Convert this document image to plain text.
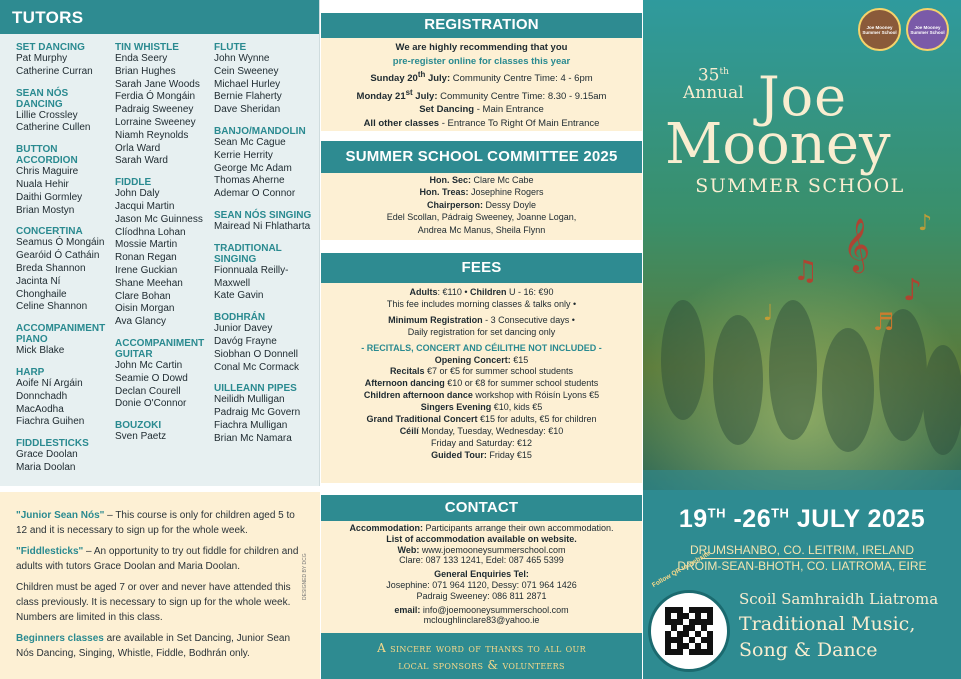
TUTORS
SET DANCING
Pat Murphy
Catherine Curran
SEAN NÓS DANCING
Lillie Crossley
Catherine Cullen
BUTTON ACCORDION
Chris Maguire
Nuala Hehir
Daithi Gormley
Brian Mostyn
CONCERTINA
Seamus Ó Mongáin
Gearóid Ó Catháin
Breda Shannon
Jacinta Ní Chonghaile
Celine Shannon
ACCOMPANIMENT PIANO
Mick Blake
HARP
Aoife Ní Argáin
Donnchadh MacAodha
Fiachra Guihen
FIDDLESTICKS
Grace Doolan
Maria Doolan
TIN WHISTLE
Enda Seery
Brian Hughes
Sarah Jane Woods
Ferdia Ó Mongáin
Padraig Sweeney
Lorraine Sweeney
Niamh Reynolds
Orla Ward
Sarah Ward
FIDDLE
John Daly
Jacqui Martin
Jason Mc Guinness
Clíodhna Lohan
Mossie Martin
Ronan Regan
Irene Guckian
Shane Meehan
Clare Bohan
Oisin Morgan
Ava Glancy
ACCOMPANIMENT GUITAR
John Mc Cartin
Seamie O Dowd
Declan Courell
Donie O'Connor
BOUZOKI
Sven Paetz
FLUTE
John Wynne
Cein Sweeney
Michael Hurley
Bernie Flaherty
Dave Sheridan
BANJO/MANDOLIN
Sean Mc Cague
Kerrie Herrity
George Mc Adam
Thomas Aherne
Ademar O Connor
SEAN NÓS SINGING
Mairead Ni Fhlatharta
TRADITIONAL SINGING
Fionnuala Reilly-Maxwell
Kate Gavin
BODHRÁN
Junior Davey
Davóg Frayne
Siobhan O Donnell
Conal Mc Cormack
UILLEANN PIPES
Neilidh Mulligan
Padraig Mc Govern
Fiachra Mulligan
Brian Mc Namara

"Junior Sean Nós" – This course is only for children aged 5 to 12 and it is necessary to sign up for the whole week.

"Fiddlesticks" – An opportunity to try out fiddle for children and adults with tutors Grace Doolan and Maria Doolan.

Children must be aged 7 or over and never have attended this class previously. It is necessary to sign up for the whole week. Numbers are limited in this class.

Beginners classes are available in Set Dancing, Junior Sean Nós Dancing, Singing, Whistle, Fiddle, Bodhrán only.

DESIGNED BY DCG
REGISTRATION
We are highly recommending that you
pre-register online for classes this year
Sunday 20th July: Community Centre Time: 4 - 6pm
Monday 21st July: Community Centre Time: 8.30 - 9.15am
Set Dancing - Main Entrance
All other classes - Entrance To Right Of Main Entrance
SUMMER SCHOOL COMMITTEE 2025
Hon. Sec: Clare Mc Cabe
Hon. Treas: Josephine Rogers
Chairperson: Dessy Doyle
Edel Scollan, Pádraig Sweeney, Joanne Logan,
Andrea Mc Manus, Sheila Flynn
FEES
Adults: €110 • Children U - 16: €90
This fee includes morning classes & talks only •
Minimum Registration - 3 Consecutive days •
Daily registration for set dancing only
- RECITALS, CONCERT AND CÉILITHE NOT INCLUDED -
Opening Concert: €15
Recitals €7 or €5 for summer school students
Afternoon dancing €10 or €8 for summer school students
Children afternoon dance workshop with Róisín Lyons €5
Singers Evening €10, kids €5
Grand Traditional Concert €15 for adults, €5 for children
Céilí Monday, Tuesday, Wednesday: €10
Friday and Saturday: €12
Guided Tour: Friday €15
CONTACT
Accommodation: Participants arrange their own accommodation.
List of accommodation available on website.
Web: www.joemooneysummerschool.com
Clare: 087 133 1241, Edel: 087 465 5399
General Enquiries Tel:
Josephine: 071 964 1120, Dessy: 071 964 1426
Padraig Sweeney: 086 811 2871
email: info@joemooneysummerschool.com
mcloughlinclare83@yahoo.ie
A sincere word of thanks to all our
local sponsors & volunteers
𝄞
♫
♪
♬
♩
♪
Joe Mooney Summer School
Joe Mooney Summer School
35th
Annual Joe
Mooney
SUMMER SCHOOL
19TH -26TH JULY 2025
DRUMSHANBO, CO. LEITRIM, IRELAND
DROIM-SEAN-BHOTH, CO. LIATROMA, EIRE
Follow QR to website
Scoil Samhraidh Liatroma
Traditional Music,
Song & Dance
